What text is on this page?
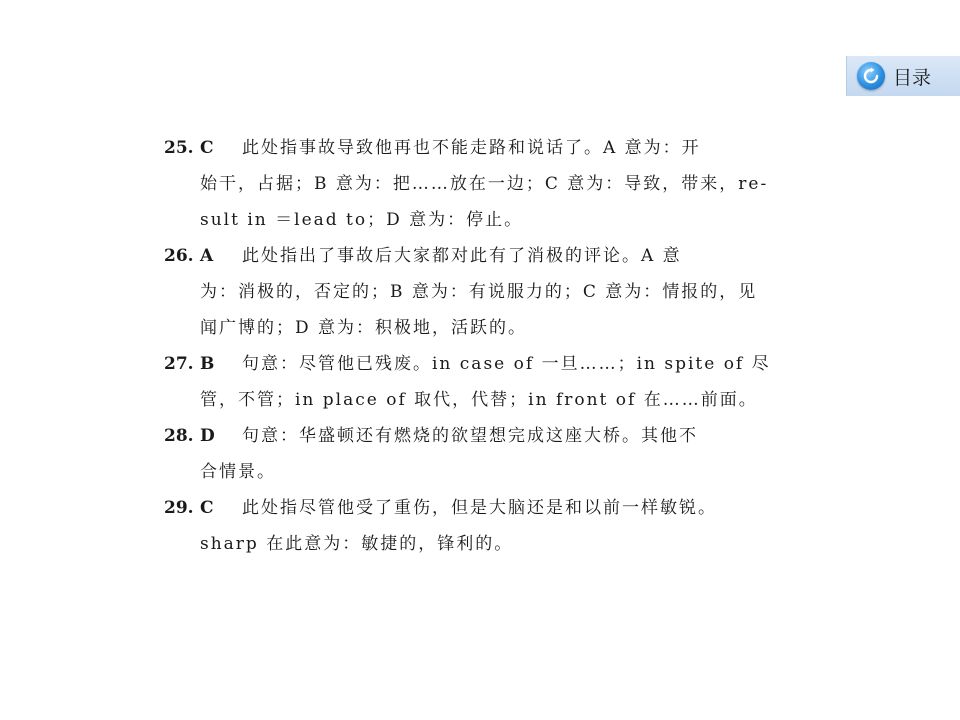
目录
25. C	此处指事故导致他再也不能走路和说话了。A 意为：开
始干，占据；B 意为：把……放在一边；C 意为：导致，带来，re-
sult in ＝lead to；D 意为：停止。
26. A	此处指出了事故后大家都对此有了消极的评论。A 意
为：消极的，否定的；B 意为：有说服力的；C 意为：情报的，见
闻广博的；D 意为：积极地，活跃的。
27. B	句意：尽管他已残废。in case of 一旦……；in spite of 尽
管，不管；in place of 取代，代替；in front of 在……前面。
28. D	句意：华盛顿还有燃烧的欲望想完成这座大桥。其他不
合情景。
29. C	此处指尽管他受了重伤，但是大脑还是和以前一样敏锐。
sharp 在此意为：敏捷的，锋利的。
